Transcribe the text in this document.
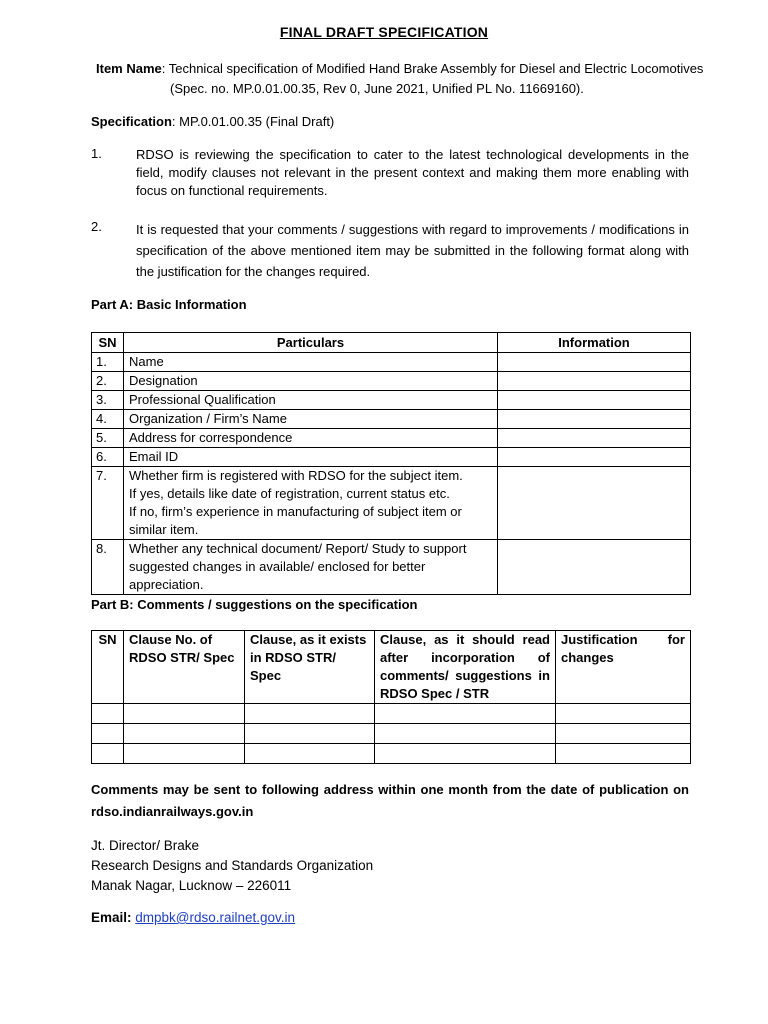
FINAL DRAFT SPECIFICATION
Item Name: Technical specification of Modified Hand Brake Assembly for Diesel and Electric Locomotives
(Spec. no. MP.0.01.00.35, Rev 0, June 2021, Unified PL No. 11669160).
Specification: MP.0.01.00.35 (Final Draft)
1.	RDSO is reviewing the specification to cater to the latest technological developments in the field, modify clauses not relevant in the present context and making them more enabling with focus on functional requirements.
2.	It is requested that your comments / suggestions with regard to improvements / modifications in specification of the above mentioned item may be submitted in the following format along with the justification for the changes required.
Part A: Basic Information
SN	Particulars	Information
1.	Name	

2.	Designation	

3.	Professional Qualification	

4.	Organization / Firm’s Name	

5.	Address for correspondence	

6.	Email ID	

7.	Whether firm is registered with RDSO for the subject item.
If yes, details like date of registration, current status etc.
If no, firm’s experience in manufacturing of subject item or similar item.	

8.	Whether any technical document/ Report/ Study to support
suggested changes in available/ enclosed for better appreciation.	

Part B: Comments / suggestions on the specification
SN	Clause No. of RDSO STR/ Spec	Clause, as it exists in RDSO STR/ Spec	Clause, as it should read after incorporation of comments/ suggestions in RDSO Spec / STR	Justification for changes

Comments may be sent to following address within one month from the date of publication on rdso.indianrailways.gov.in
Jt. Director/ Brake
Research Designs and Standards Organization
Manak Nagar, Lucknow – 226011
Email: dmpbk@rdso.railnet.gov.in
